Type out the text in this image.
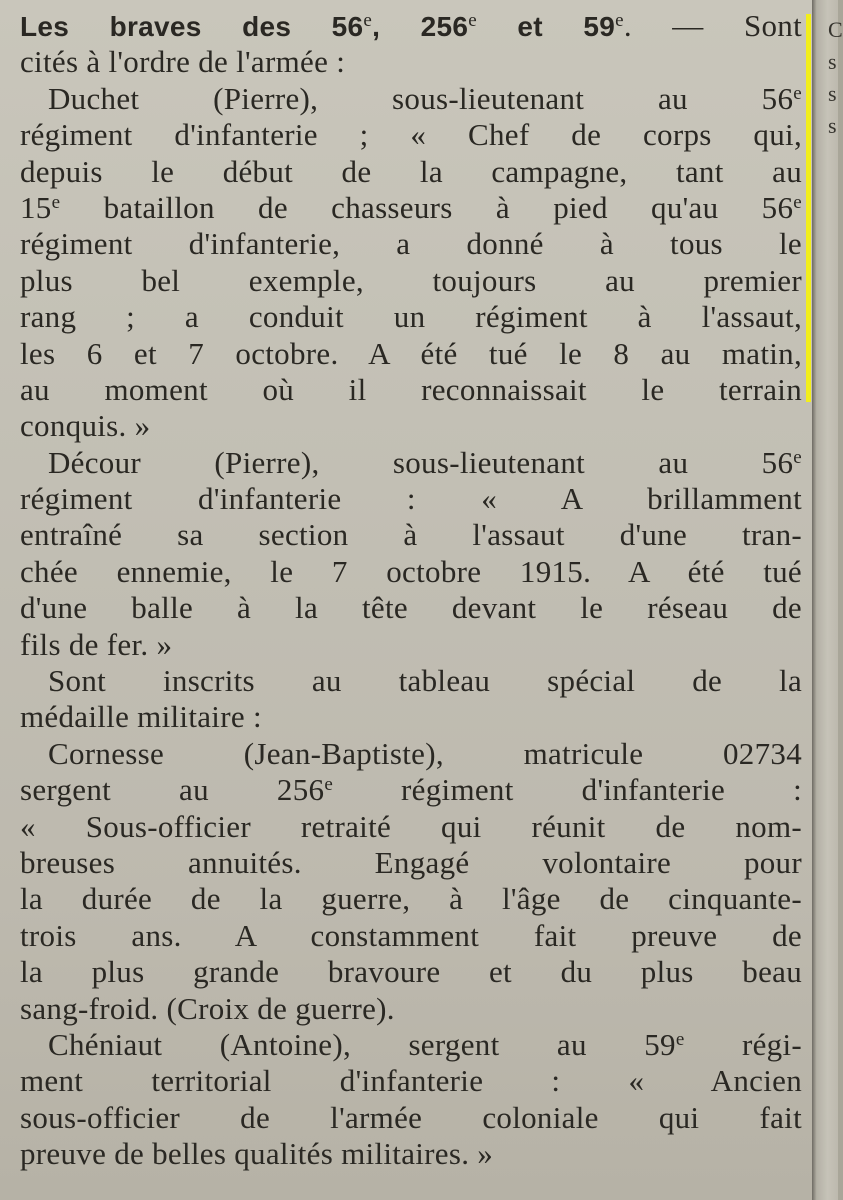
Les braves des 56e, 256e et 59e. — Sont
cités à l'ordre de l'armée :
Duchet (Pierre), sous-lieutenant au 56e
régiment d'infanterie ; « Chef de corps qui,
depuis le début de la campagne, tant au
15e bataillon de chasseurs à pied qu'au 56e
régiment d'infanterie, a donné à tous le
plus bel exemple, toujours au premier
rang ; a conduit un régiment à l'assaut,
les 6 et 7 octobre. A été tué le 8 au matin,
au moment où il reconnaissait le terrain
conquis. »
Décour (Pierre), sous-lieutenant au 56e
régiment d'infanterie : « A brillamment
entraîné sa section à l'assaut d'une tran-
chée ennemie, le 7 octobre 1915. A été tué
d'une balle à la tête devant le réseau de
fils de fer. »
Sont inscrits au tableau spécial de la
médaille militaire :
Cornesse (Jean-Baptiste), matricule 02734
sergent au 256e régiment d'infanterie :
« Sous-officier retraité qui réunit de nom-
breuses annuités. Engagé volontaire pour
la durée de la guerre, à l'âge de cinquante-
trois ans. A constamment fait preuve de
la plus grande bravoure et du plus beau
sang-froid. (Croix de guerre).
Chéniaut (Antoine), sergent au 59e régi-
ment territorial d'infanterie : « Ancien
sous-officier de l'armée coloniale qui fait
preuve de belles qualités militaires. »
C
s
s
s
